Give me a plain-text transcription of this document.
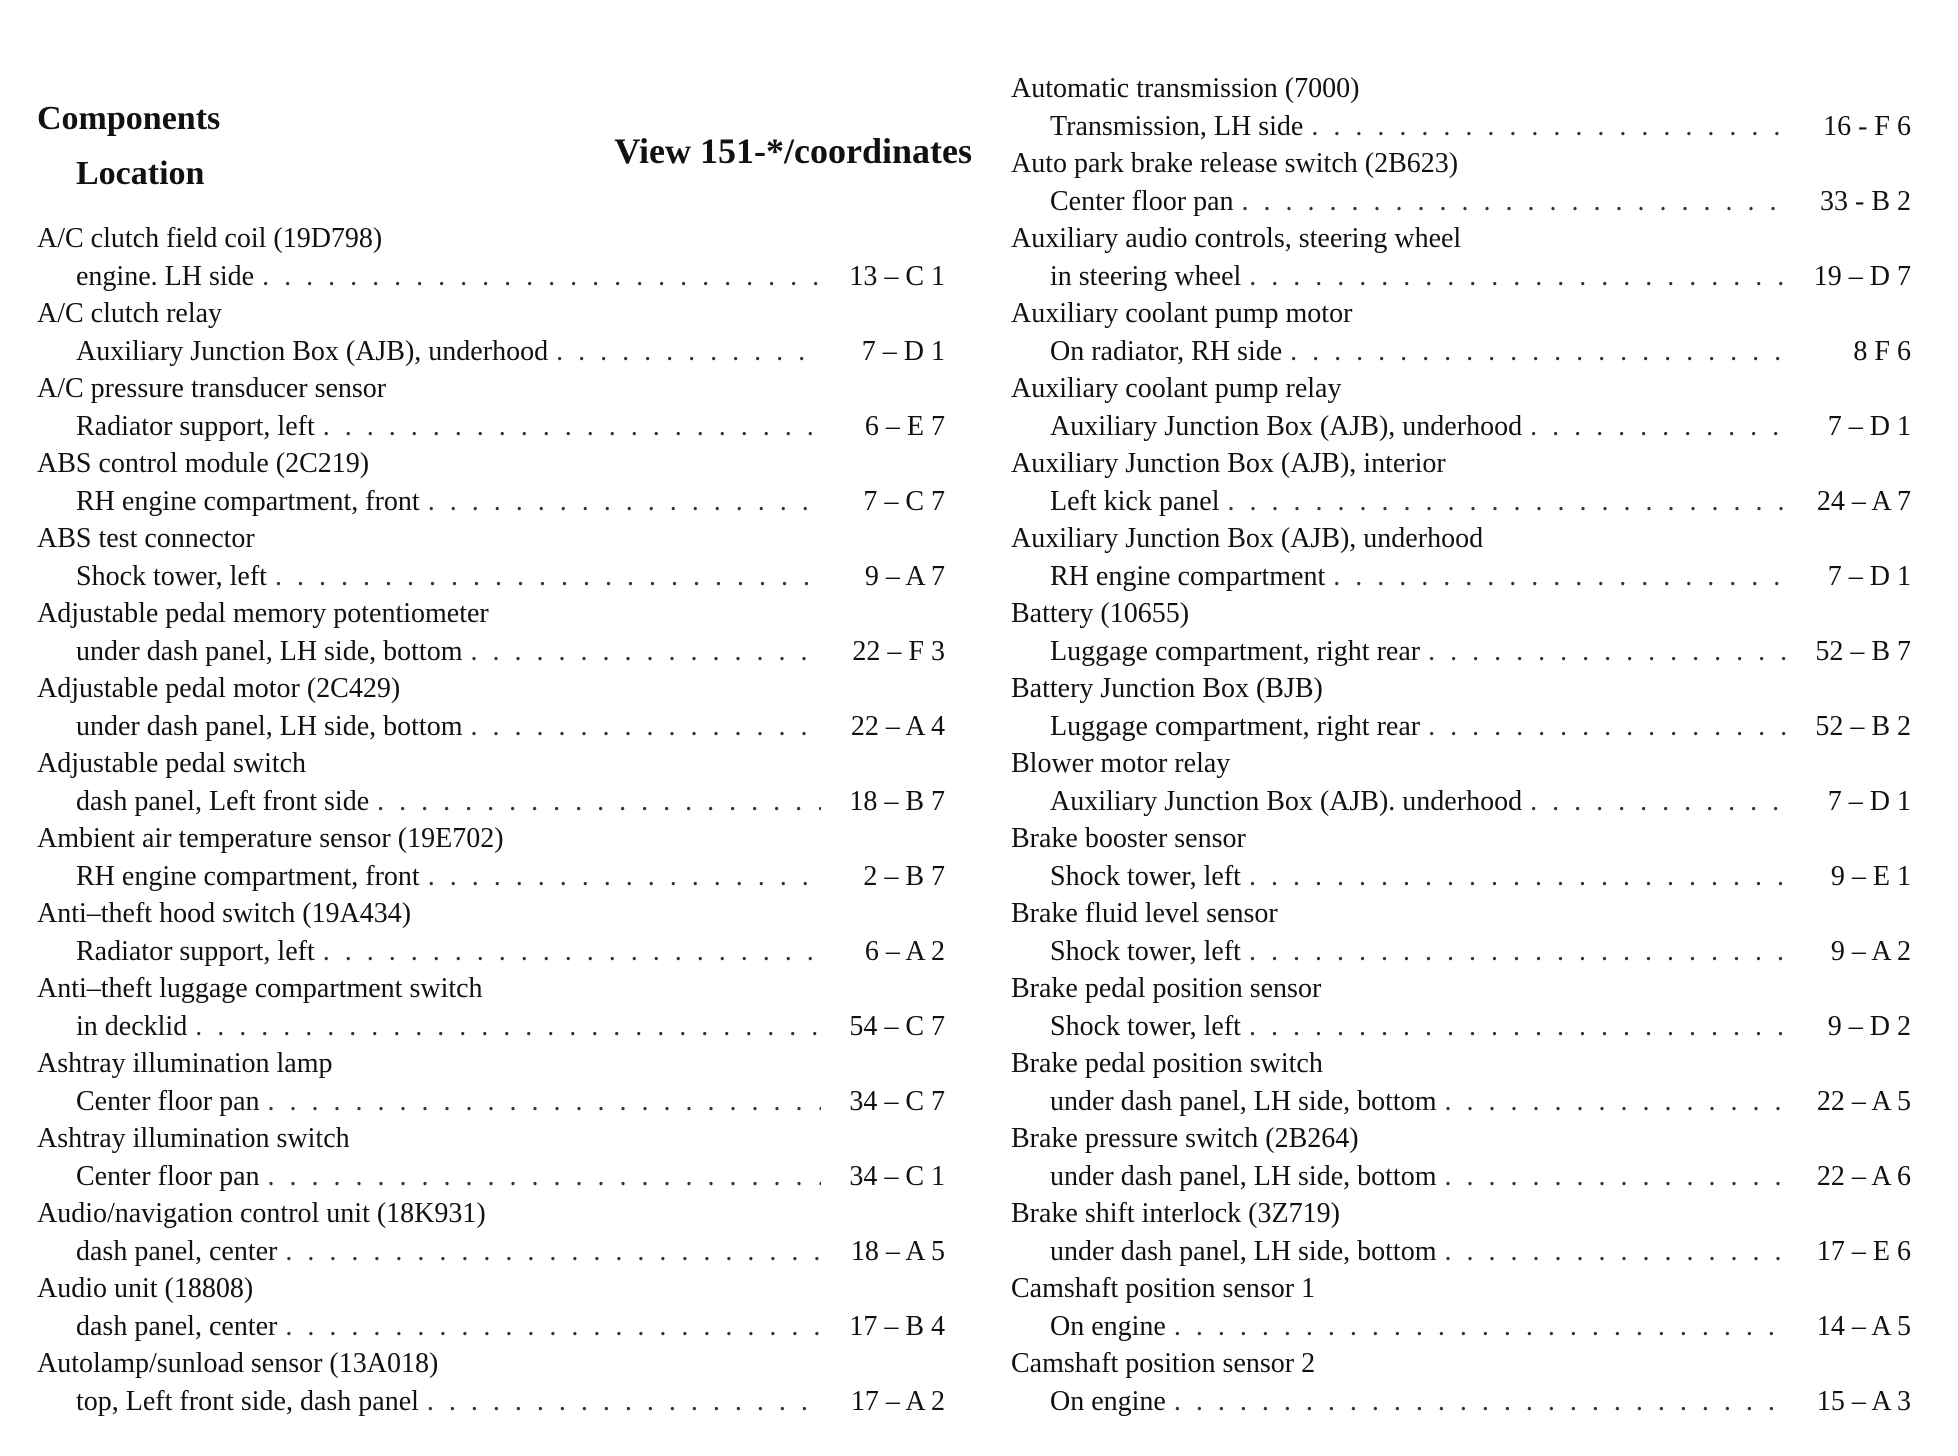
Components
Location
View 151-*/coordinates
A/C clutch field coil (19D798)
engine. LH side . . .	13 – C 1
A/C clutch relay
Auxiliary Junction Box (AJB), underhood . . .	7 – D 1
A/C pressure transducer sensor
Radiator support, left . . .	6 – E 7
ABS control module (2C219)
RH engine compartment, front . . .	7 – C 7
ABS test connector
Shock tower, left . . .	9 – A 7
Adjustable pedal memory potentiometer
under dash panel, LH side, bottom . . .	22 – F 3
Adjustable pedal motor (2C429)
under dash panel, LH side, bottom . . .	22 – A 4
Adjustable pedal switch
dash panel, Left front side . . .	18 – B 7
Ambient air temperature sensor (19E702)
RH engine compartment, front . . .	2 – B 7
Anti–theft hood switch (19A434)
Radiator support, left . . .	6 – A 2
Anti–theft luggage compartment switch
in decklid . . .	54 – C 7
Ashtray illumination lamp
Center floor pan . . .	34 – C 7
Ashtray illumination switch
Center floor pan . . .	34 – C 1
Audio/navigation control unit (18K931)
dash panel, center . . .	18 – A 5
Audio unit (18808)
dash panel, center . . .	17 – B 4
Autolamp/sunload sensor (13A018)
top, Left front side, dash panel . . .	17 – A 2
Automatic transmission (7000)
Transmission, LH side . . .	16 - F 6
Auto park brake release switch (2B623)
Center floor pan . . .	33 - B 2
Auxiliary audio controls, steering wheel
in steering wheel . . .	19 – D 7
Auxiliary coolant pump motor
On radiator, RH side . . .	8 F 6
Auxiliary coolant pump relay
Auxiliary Junction Box (AJB), underhood . . .	7 – D 1
Auxiliary Junction Box (AJB), interior
Left kick panel . . .	24 – A 7
Auxiliary Junction Box (AJB), underhood
RH engine compartment . . .	7 – D 1
Battery (10655)
Luggage compartment, right rear . . .	52 – B 7
Battery Junction Box (BJB)
Luggage compartment, right rear . . .	52 – B 2
Blower motor relay
Auxiliary Junction Box (AJB). underhood . . .	7 – D 1
Brake booster sensor
Shock tower, left . . .	9 – E 1
Brake fluid level sensor
Shock tower, left . . .	9 – A 2
Brake pedal position sensor
Shock tower, left . . .	9 – D 2
Brake pedal position switch
under dash panel, LH side, bottom . . .	22 – A 5
Brake pressure switch (2B264)
under dash panel, LH side, bottom . . .	22 – A 6
Brake shift interlock (3Z719)
under dash panel, LH side, bottom . . .	17 – E 6
Camshaft position sensor 1
On engine . . .	14 – A 5
Camshaft position sensor 2
On engine . . .	15 – A 3
